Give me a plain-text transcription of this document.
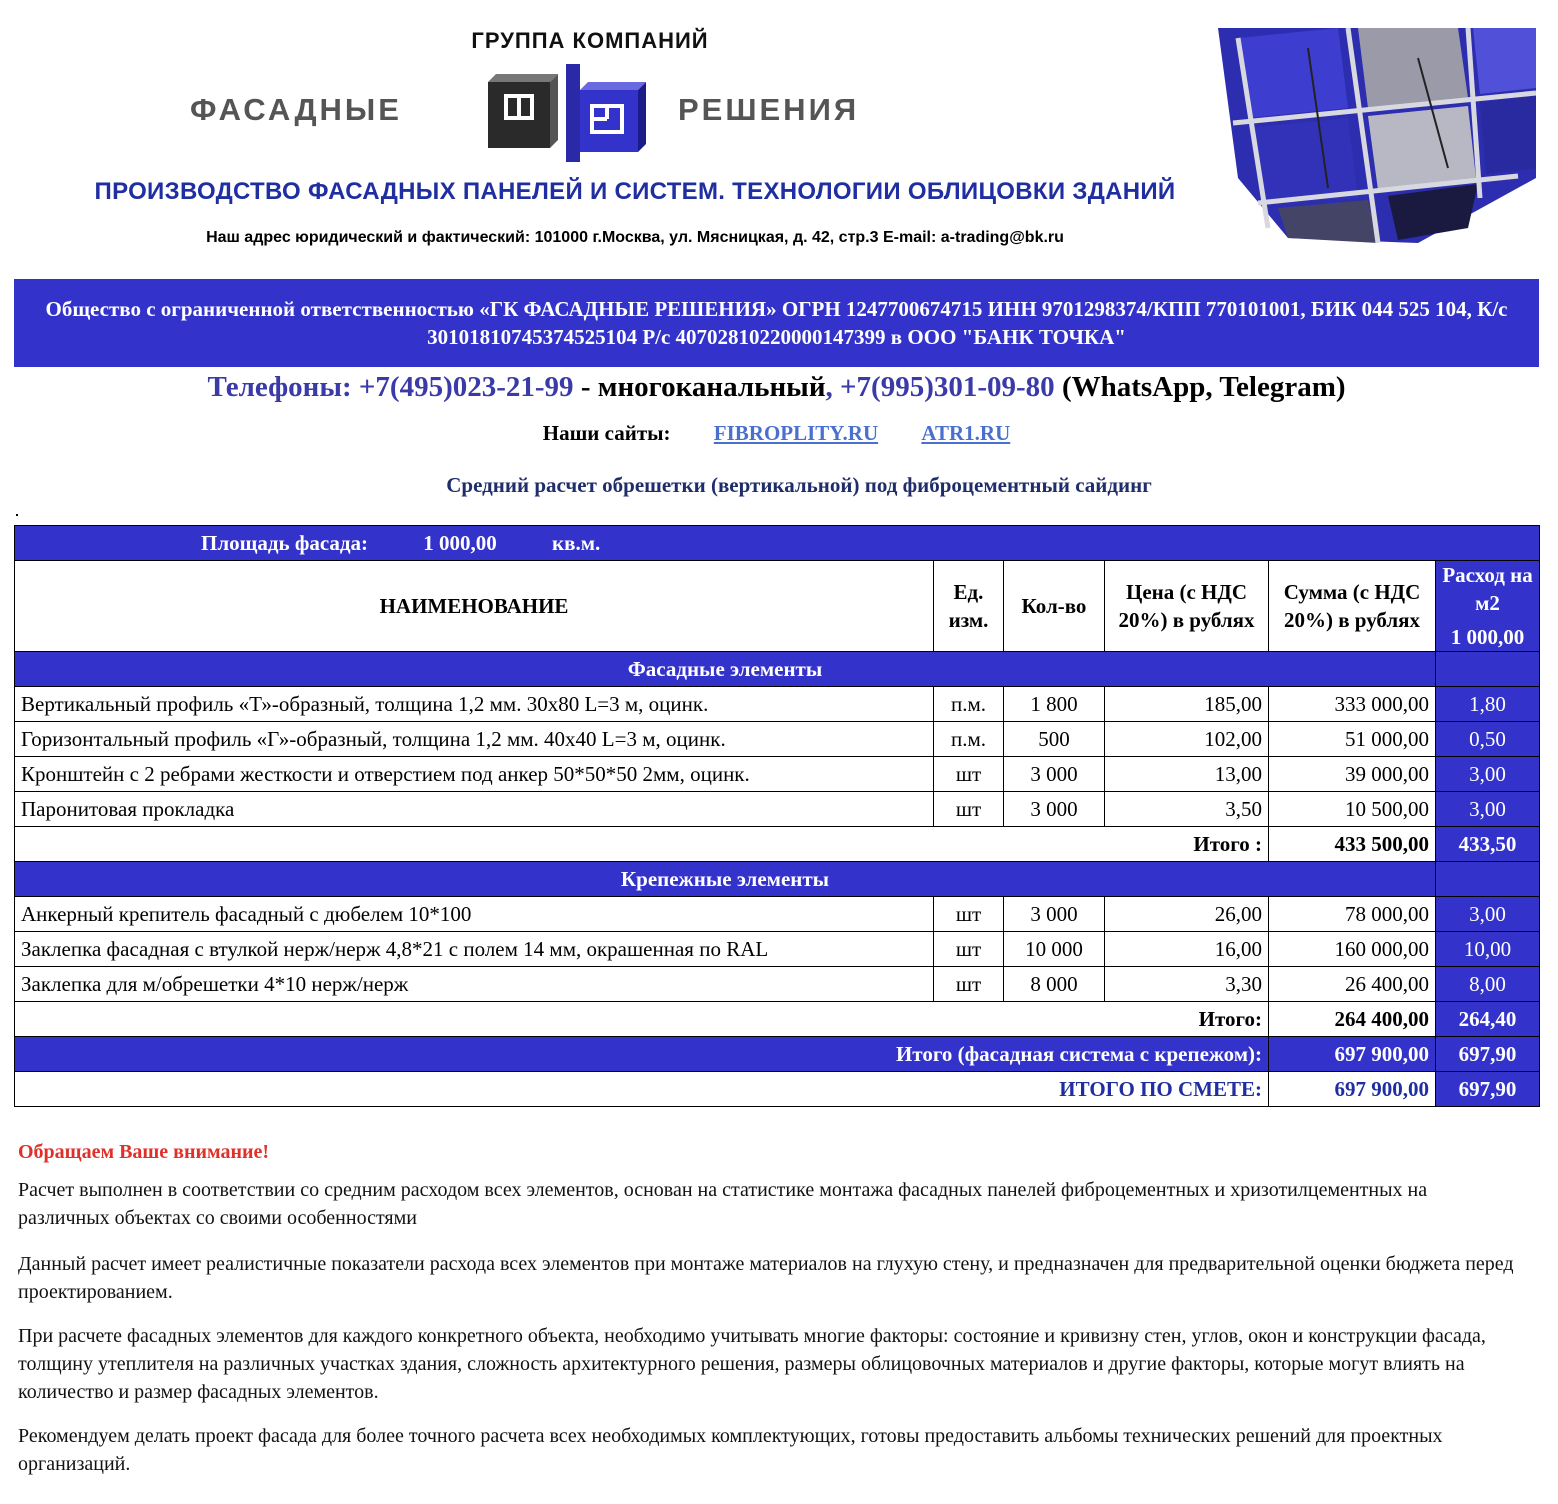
ГРУППА КОМПАНИЙ
ФАСАДНЫЕ	РЕШЕНИЯ
ПРОИЗВОДСТВО ФАСАДНЫХ ПАНЕЛЕЙ И СИСТЕМ. ТЕХНОЛОГИИ ОБЛИЦОВКИ ЗДАНИЙ
Наш адрес юридический и фактический: 101000 г.Москва, ул. Мясницкая, д. 42, стр.3 E-mail: a-trading@bk.ru
Общество с ограниченной ответственностью «ГК ФАСАДНЫЕ РЕШЕНИЯ» ОГРН 1247700674715 ИНН 9701298374/КПП 770101001, БИК 044 525 104, К/с 30101810745374525104 Р/с 40702810220000147399 в ООО "БАНК ТОЧКА"
Телефоны: +7(495)023-21-99 - многоканальный, +7(995)301-09-80 (WhatsApp, Telegram)
Наши сайты: FIBROPLITY.RU ATR1.RU
Средний расчет обрешетки (вертикальной) под фиброцементный сайдинг
Площадь фасада: 1 000,00 кв.м.					
НАИМЕНОВАНИЕ	Ед. изм.	Кол-во	Цена (с НДС 20%) в рублях	Сумма (с НДС 20%) в рублях	Расход на м2
1 000,00

Фасадные элементы					
Вертикальный профиль «Т»-образный, толщина 1,2 мм. 30х80 L=3 м, оцинк.	п.м.	1 800	185,00	333 000,00	1,80
Горизонтальный профиль «Г»-образный, толщина 1,2 мм. 40х40 L=3 м, оцинк.	п.м.	500	102,00	51 000,00	0,50
Кронштейн с 2 ребрами жесткости и отверстием под анкер 50*50*50 2мм, оцинк.	шт	3 000	13,00	39 000,00	3,00
Паронитовая прокладка	шт	3 000	3,50	10 500,00	3,00
Итого :				433 500,00	433,50
Крепежные элементы					
Анкерный крепитель фасадный с дюбелем 10*100	шт	3 000	26,00	78 000,00	3,00
Заклепка фасадная с втулкой нерж/нерж 4,8*21 с полем 14 мм, окрашенная по RAL	шт	10 000	16,00	160 000,00	10,00
Заклепка для м/обрешетки 4*10 нерж/нерж	шт	8 000	3,30	26 400,00	8,00
Итого:				264 400,00	264,40
Итого (фасадная система с крепежом):				697 900,00	697,90
ИТОГО ПО СМЕТЕ:				697 900,00	697,90
Обращаем Ваше внимание!
Расчет выполнен в соответствии со средним расходом всех элементов, основан на статистике монтажа фасадных панелей фиброцементных и хризотилцементных на различных объектах со своими особенностями
Данный расчет имеет реалистичные показатели расхода всех элементов при монтаже материалов на глухую стену, и предназначен для предварительной оценки бюджета перед проектированием.
При расчете фасадных элементов для каждого конкретного объекта, необходимо учитывать многие факторы: состояние и кривизну стен, углов, окон и конструкции фасада, толщину утеплителя на различных участках здания, сложность архитектурного решения, размеры облицовочных материалов и другие факторы, которые могут влиять на количество и размер фасадных элементов.
Рекомендуем делать проект фасада для более точного расчета всех необходимых комплектующих, готовы предоставить альбомы технических решений для проектных организаций.
